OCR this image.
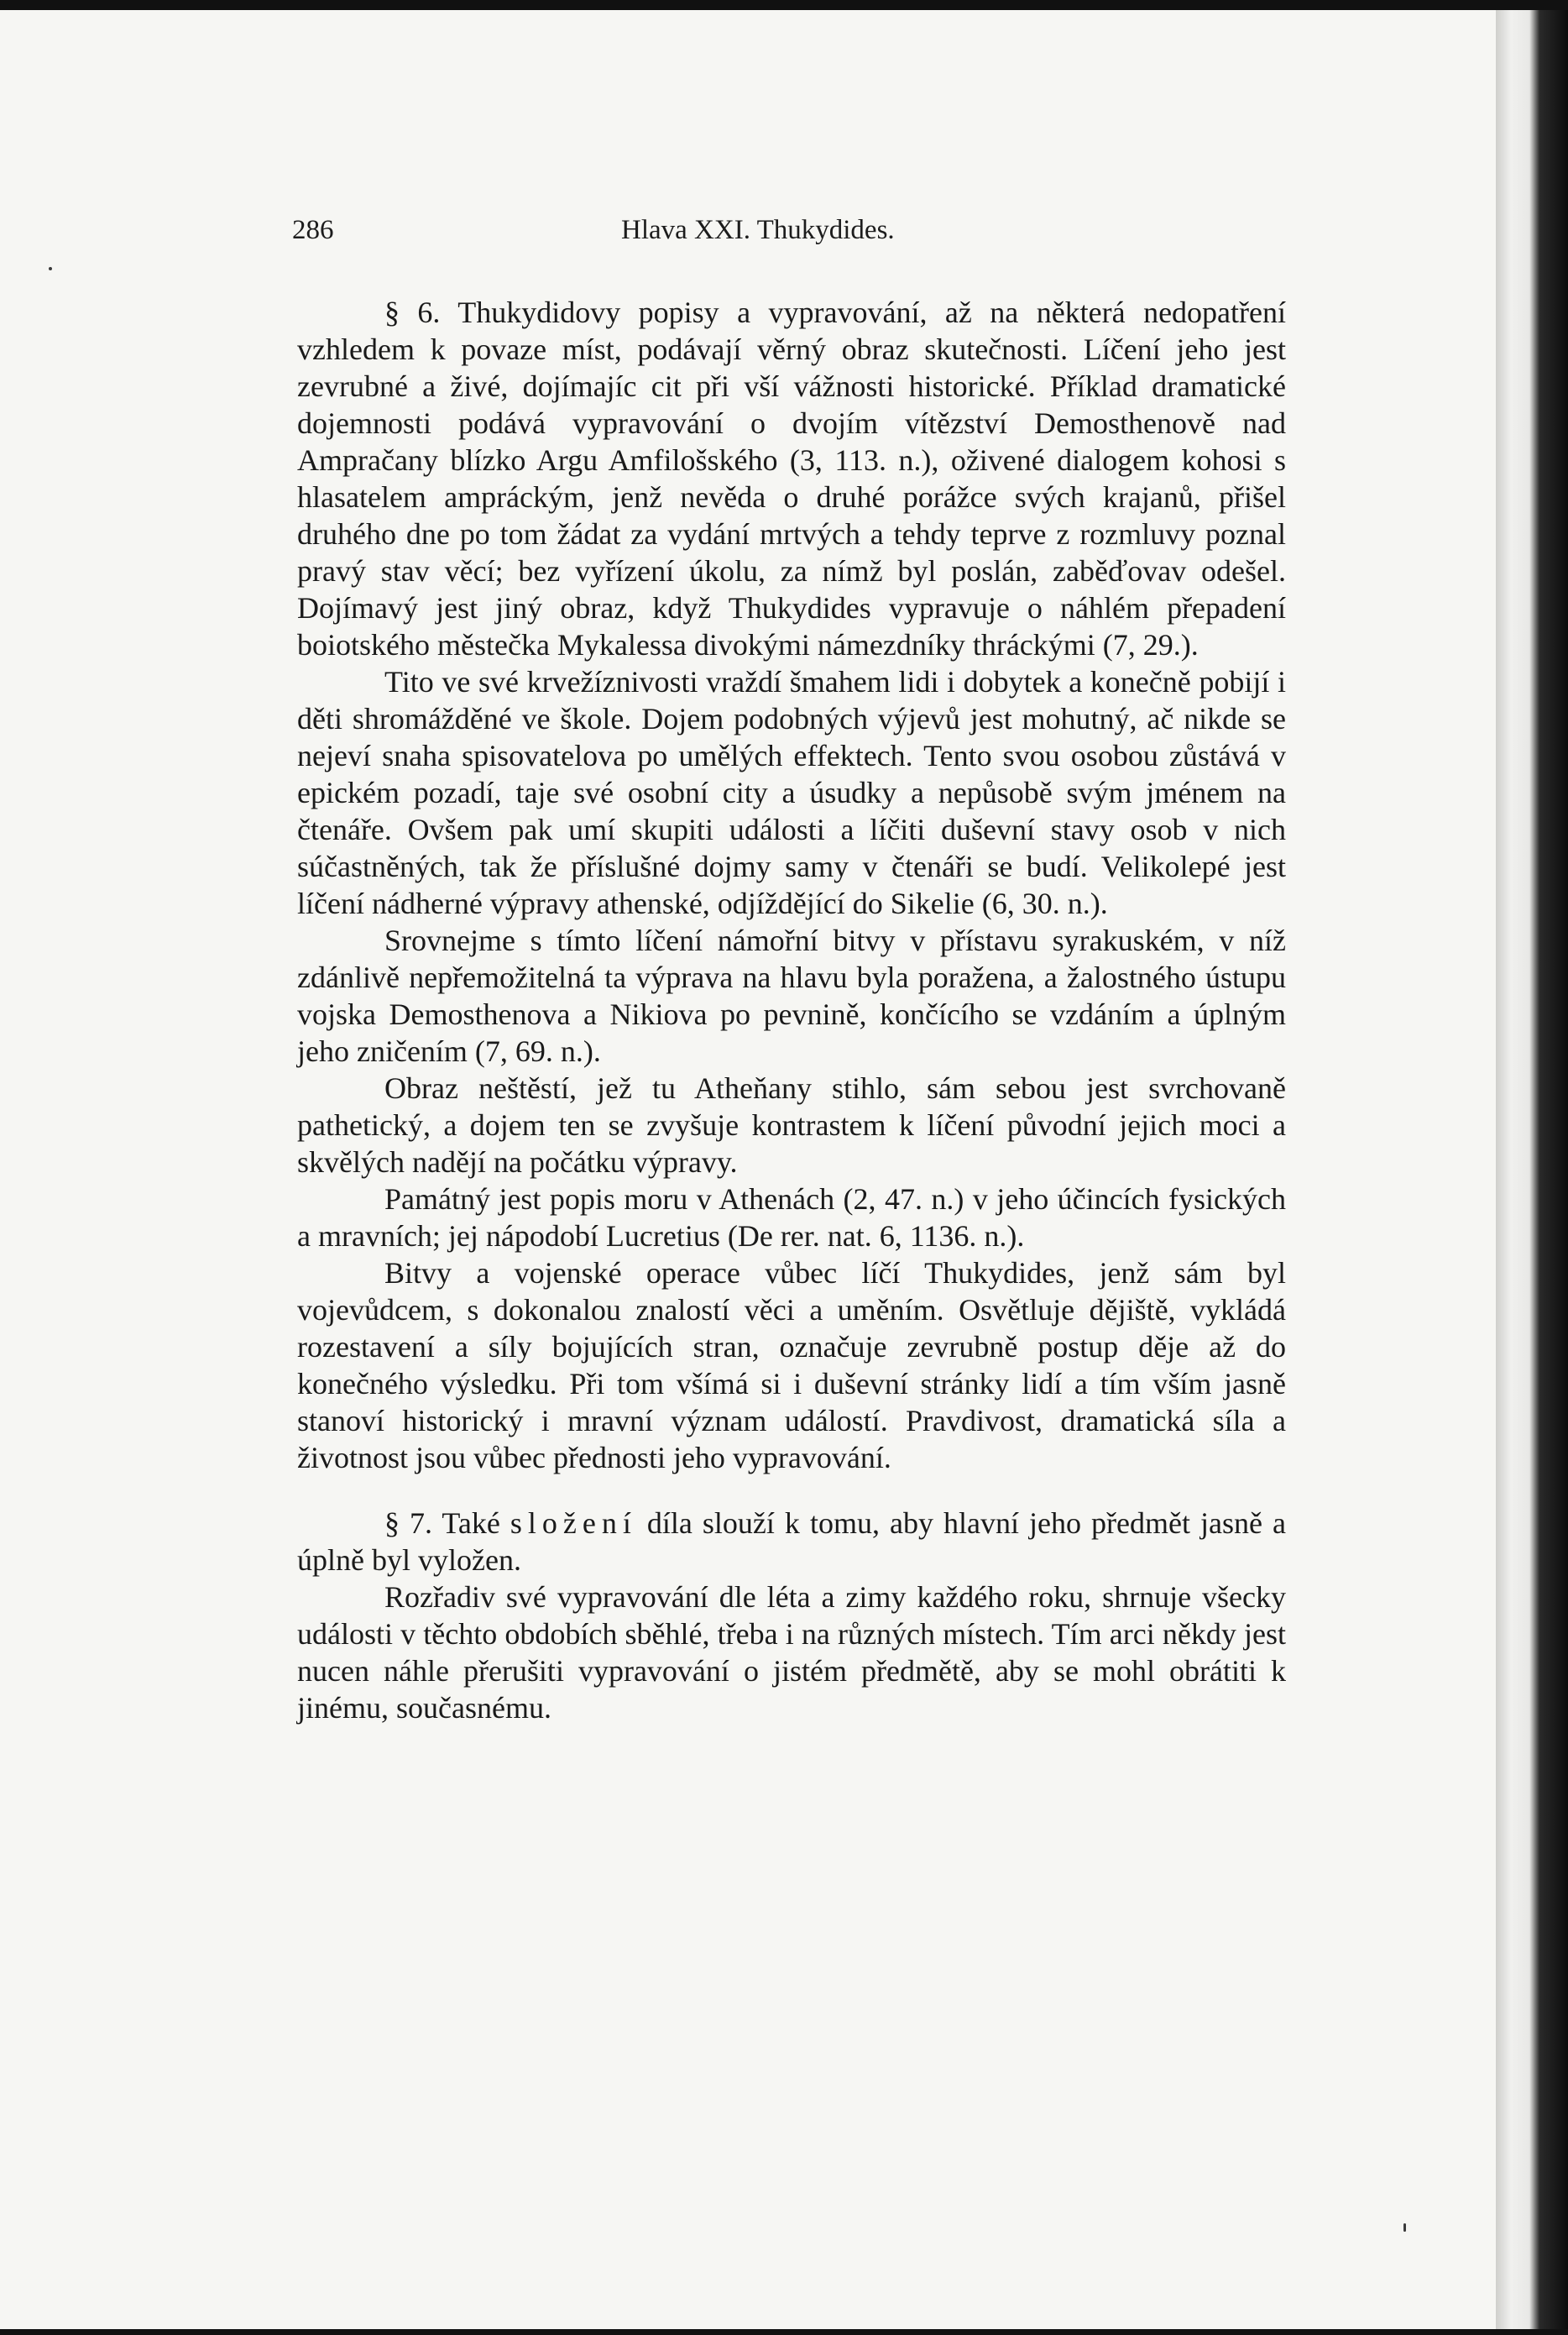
286	Hlava XXI. Thukydides.

§ 6. Thukydidovy popisy a vypravování, až na některá nedopatření vzhledem k povaze míst, podávají věrný obraz skutečnosti. Líčení jeho jest zevrubné a živé, dojímajíc cit při vší vážnosti historické. Příklad dramatické dojemnosti podává vypravování o dvojím vítězství Demosthenově nad Ampračany blízko Argu Amfilošského (3, 113. n.), oživené dialogem kohosi s hlasatelem ampráckým, jenž nevěda o druhé porážce svých krajanů, přišel druhého dne po tom žádat za vydání mrtvých a tehdy teprve z rozmluvy poznal pravý stav věcí; bez vyřízení úkolu, za nímž byl poslán, zaběďovav odešel. Dojímavý jest jiný obraz, když Thukydides vypravuje o náhlém přepadení boiotského městečka Mykalessa divokými námezdníky thráckými (7, 29.).

Tito ve své krvežíznivosti vraždí šmahem lidi i dobytek a konečně pobijí i děti shromážděné ve škole. Dojem podobných výjevů jest mohutný, ač nikde se nejeví snaha spisovatelova po umělých effektech. Tento svou osobou zůstává v epickém pozadí, taje své osobní city a úsudky a nepůsobě svým jménem na čtenáře. Ovšem pak umí skupiti události a líčiti duševní stavy osob v nich súčastněných, tak že příslušné dojmy samy v čtenáři se budí. Velikolepé jest líčení nádherné výpravy athenské, odjíždějící do Sikelie (6, 30. n.).

Srovnejme s tímto líčení námořní bitvy v přístavu syrakuském, v níž zdánlivě nepřemožitelná ta výprava na hlavu byla poražena, a žalostného ústupu vojska Demosthenova a Nikiova po pevnině, končícího se vzdáním a úplným jeho zničením (7, 69. n.).

Obraz neštěstí, jež tu Atheňany stihlo, sám sebou jest svrchovaně pathetický, a dojem ten se zvyšuje kontrastem k líčení původní jejich moci a skvělých nadějí na počátku výpravy.

Památný jest popis moru v Athenách (2, 47. n.) v jeho účincích fysických a mravních; jej nápodobí Lucretius (De rer. nat. 6, 1136. n.).

Bitvy a vojenské operace vůbec líčí Thukydides, jenž sám byl vojevůdcem, s dokonalou znalostí věci a uměním. Osvětluje dějiště, vykládá rozestavení a síly bojujících stran, označuje zevrubně postup děje až do konečného výsledku. Při tom všímá si i duševní stránky lidí a tím vším jasně stanoví historický i mravní význam událostí. Pravdivost, dramatická síla a životnost jsou vůbec přednosti jeho vypravování.

§ 7. Také složení díla slouží k tomu, aby hlavní jeho předmět jasně a úplně byl vyložen.

Rozřadiv své vypravování dle léta a zimy každého roku, shrnuje všecky události v těchto obdobích sběhlé, třeba i na různých místech. Tím arci někdy jest nucen náhle přerušiti vypravování o jistém předmětě, aby se mohl obrátiti k jinému, současnému.
